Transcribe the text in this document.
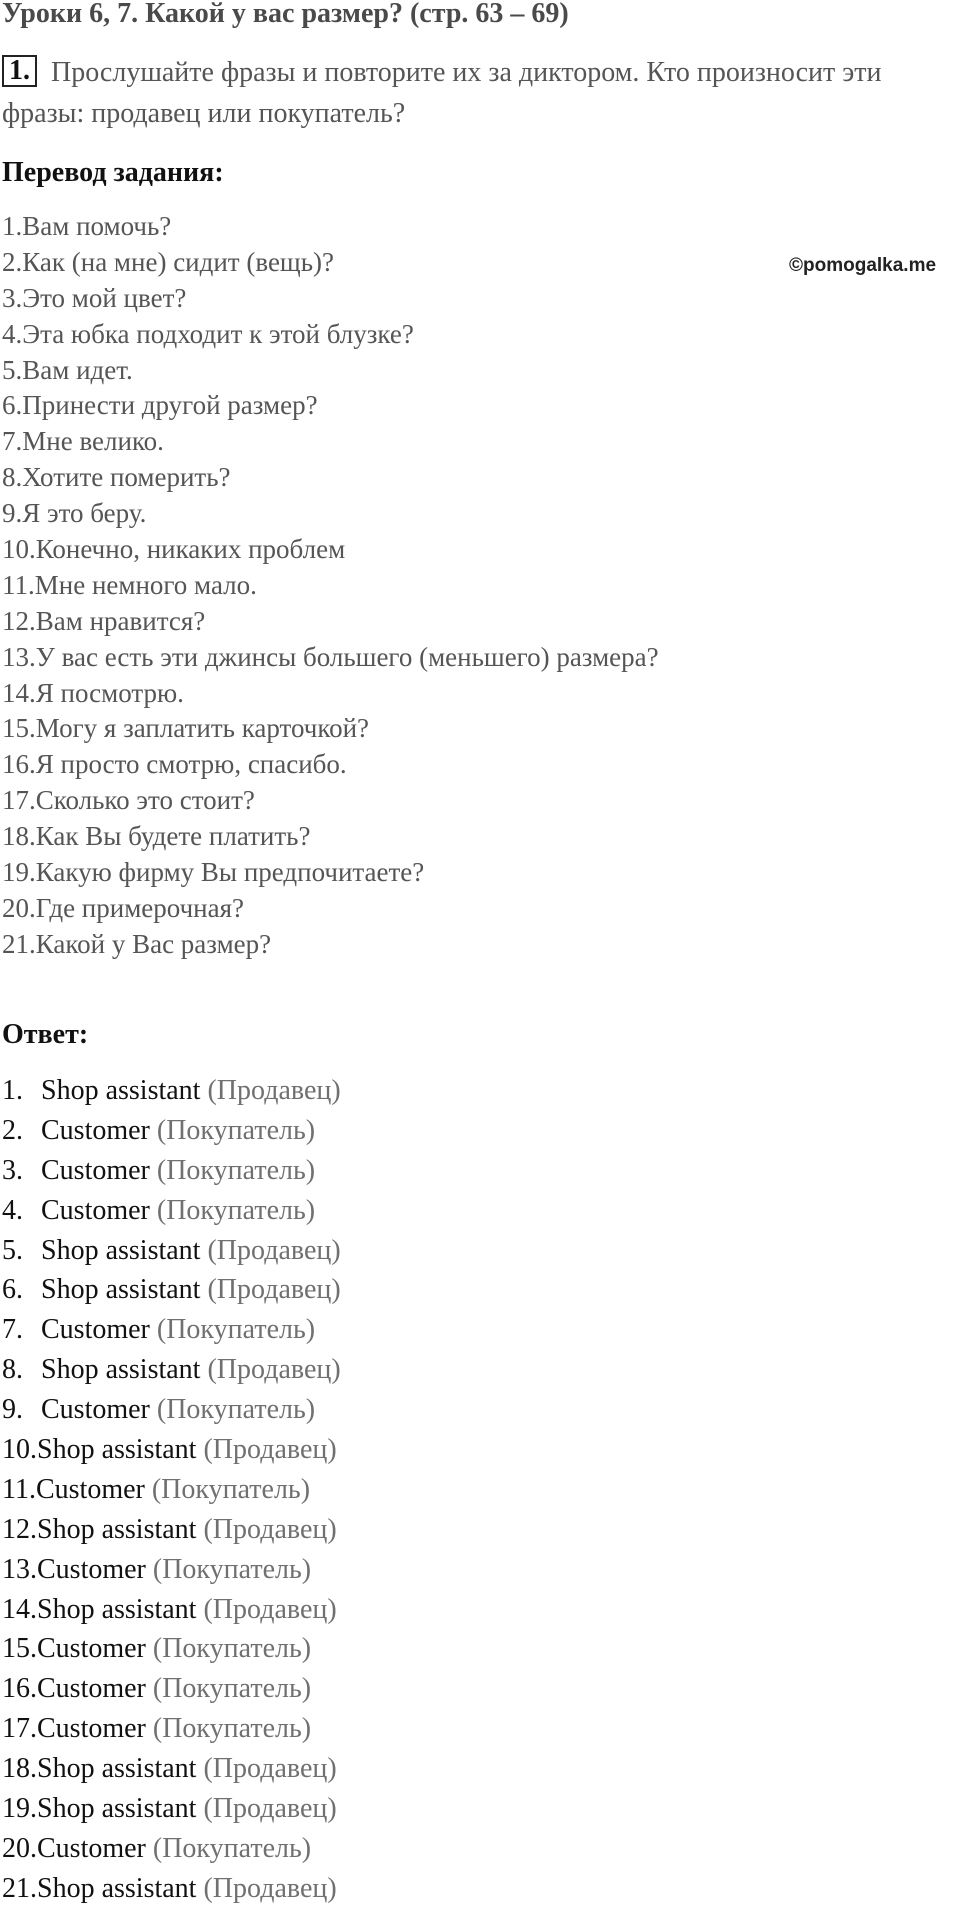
Уроки 6, 7. Какой у вас размер? (стр. 63 – 69)
1. Прослушайте фразы и повторите их за диктором. Кто произносит эти фразы: продавец или покупатель?
Перевод задания:
1.Вам помочь?
2.Как (на мне) сидит (вещь)?
3.Это мой цвет?
4.Эта юбка подходит к этой блузке?
5.Вам идет.
6.Принести другой размер?
7.Мне велико.
8.Хотите померить?
9.Я это беру.
10.Конечно, никаких проблем
11.Мне немного мало.
12.Вам нравится?
13.У вас есть эти джинсы большего (меньшего) размера?
14.Я посмотрю.
15.Могу я заплатить карточкой?
16.Я просто смотрю, спасибо.
17.Сколько это стоит?
18.Как Вы будете платить?
19.Какую фирму Вы предпочитаете?
20.Где примерочная?
21.Какой у Вас размер?
©pomogalka.me
Ответ:
1. Shop assistant (Продавец)
2. Customer (Покупатель)
3. Customer (Покупатель)
4. Customer (Покупатель)
5. Shop assistant (Продавец)
6. Shop assistant (Продавец)
7. Customer (Покупатель)
8. Shop assistant (Продавец)
9. Customer (Покупатель)
10.Shop assistant (Продавец)
11.Customer (Покупатель)
12.Shop assistant (Продавец)
13.Customer (Покупатель)
14.Shop assistant (Продавец)
15.Customer (Покупатель)
16.Customer (Покупатель)
17.Customer (Покупатель)
18.Shop assistant (Продавец)
19.Shop assistant (Продавец)
20.Customer (Покупатель)
21.Shop assistant (Продавец)
